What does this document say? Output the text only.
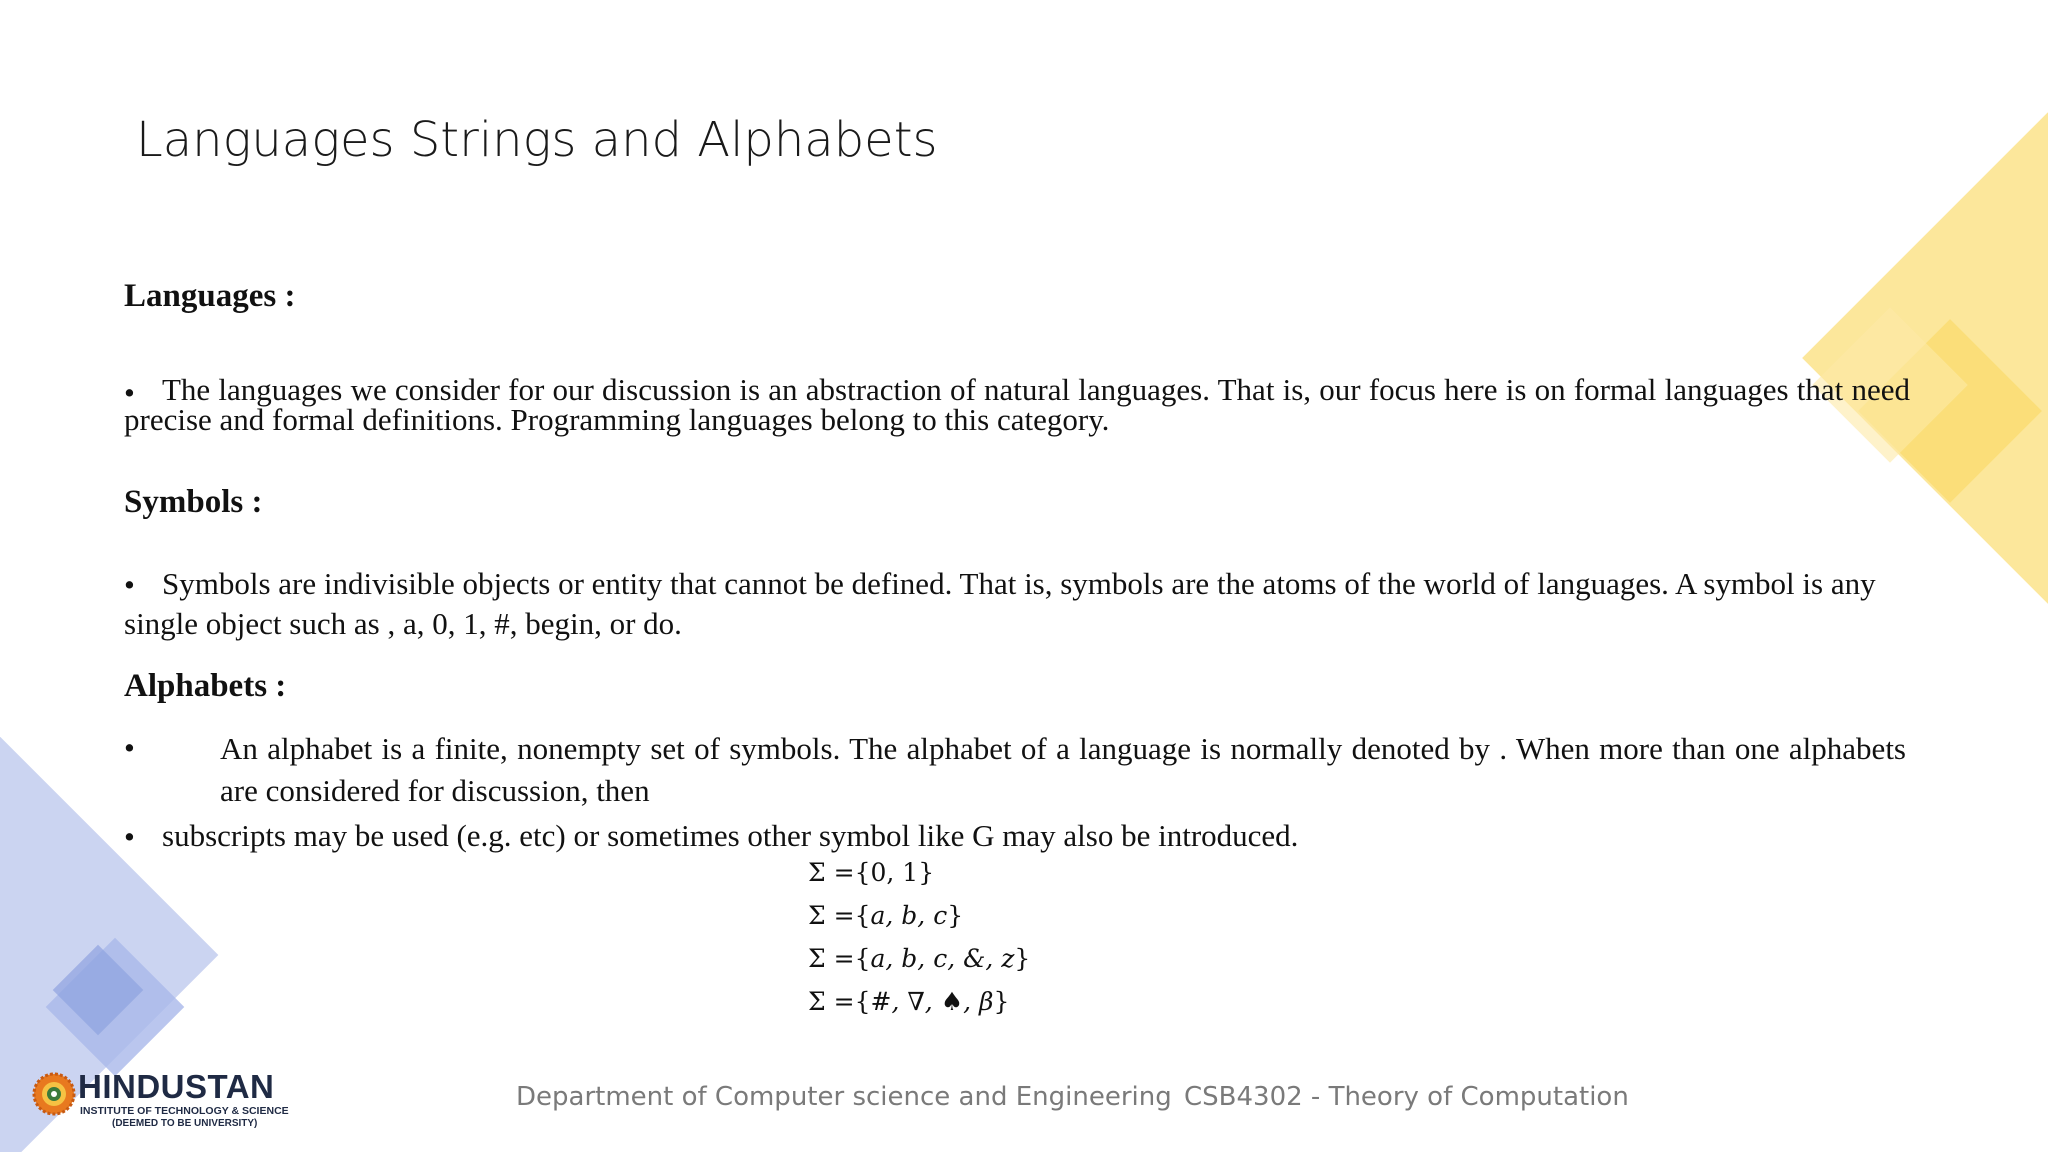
Languages Strings and Alphabets
Languages :
• The languages we consider for our discussion is an abstraction of natural languages. That is, our focus here is on formal languages that need precise and formal definitions. Programming languages belong to this category.
Symbols :
• Symbols are indivisible objects or entity that cannot be defined. That is, symbols are the atoms of the world of languages. A symbol is any single object such as , a, 0, 1, #, begin, or do.
Alphabets :
•	An alphabet is a finite, nonempty set of symbols. The alphabet of a language is normally denoted by . When more than one alphabets are considered for discussion, then
• subscripts may be used (e.g. etc) or sometimes other symbol like G may also be introduced.
Σ ={0, 1}
Σ ={a, b, c}
Σ ={a, b, c, &, z}
Σ ={#, ∇, ♠, β}
HINDUSTAN
INSTITUTE OF TECHNOLOGY & SCIENCE
(DEEMED TO BE UNIVERSITY)
Department of Computer science and Engineering CSB4302 - Theory of Computation
